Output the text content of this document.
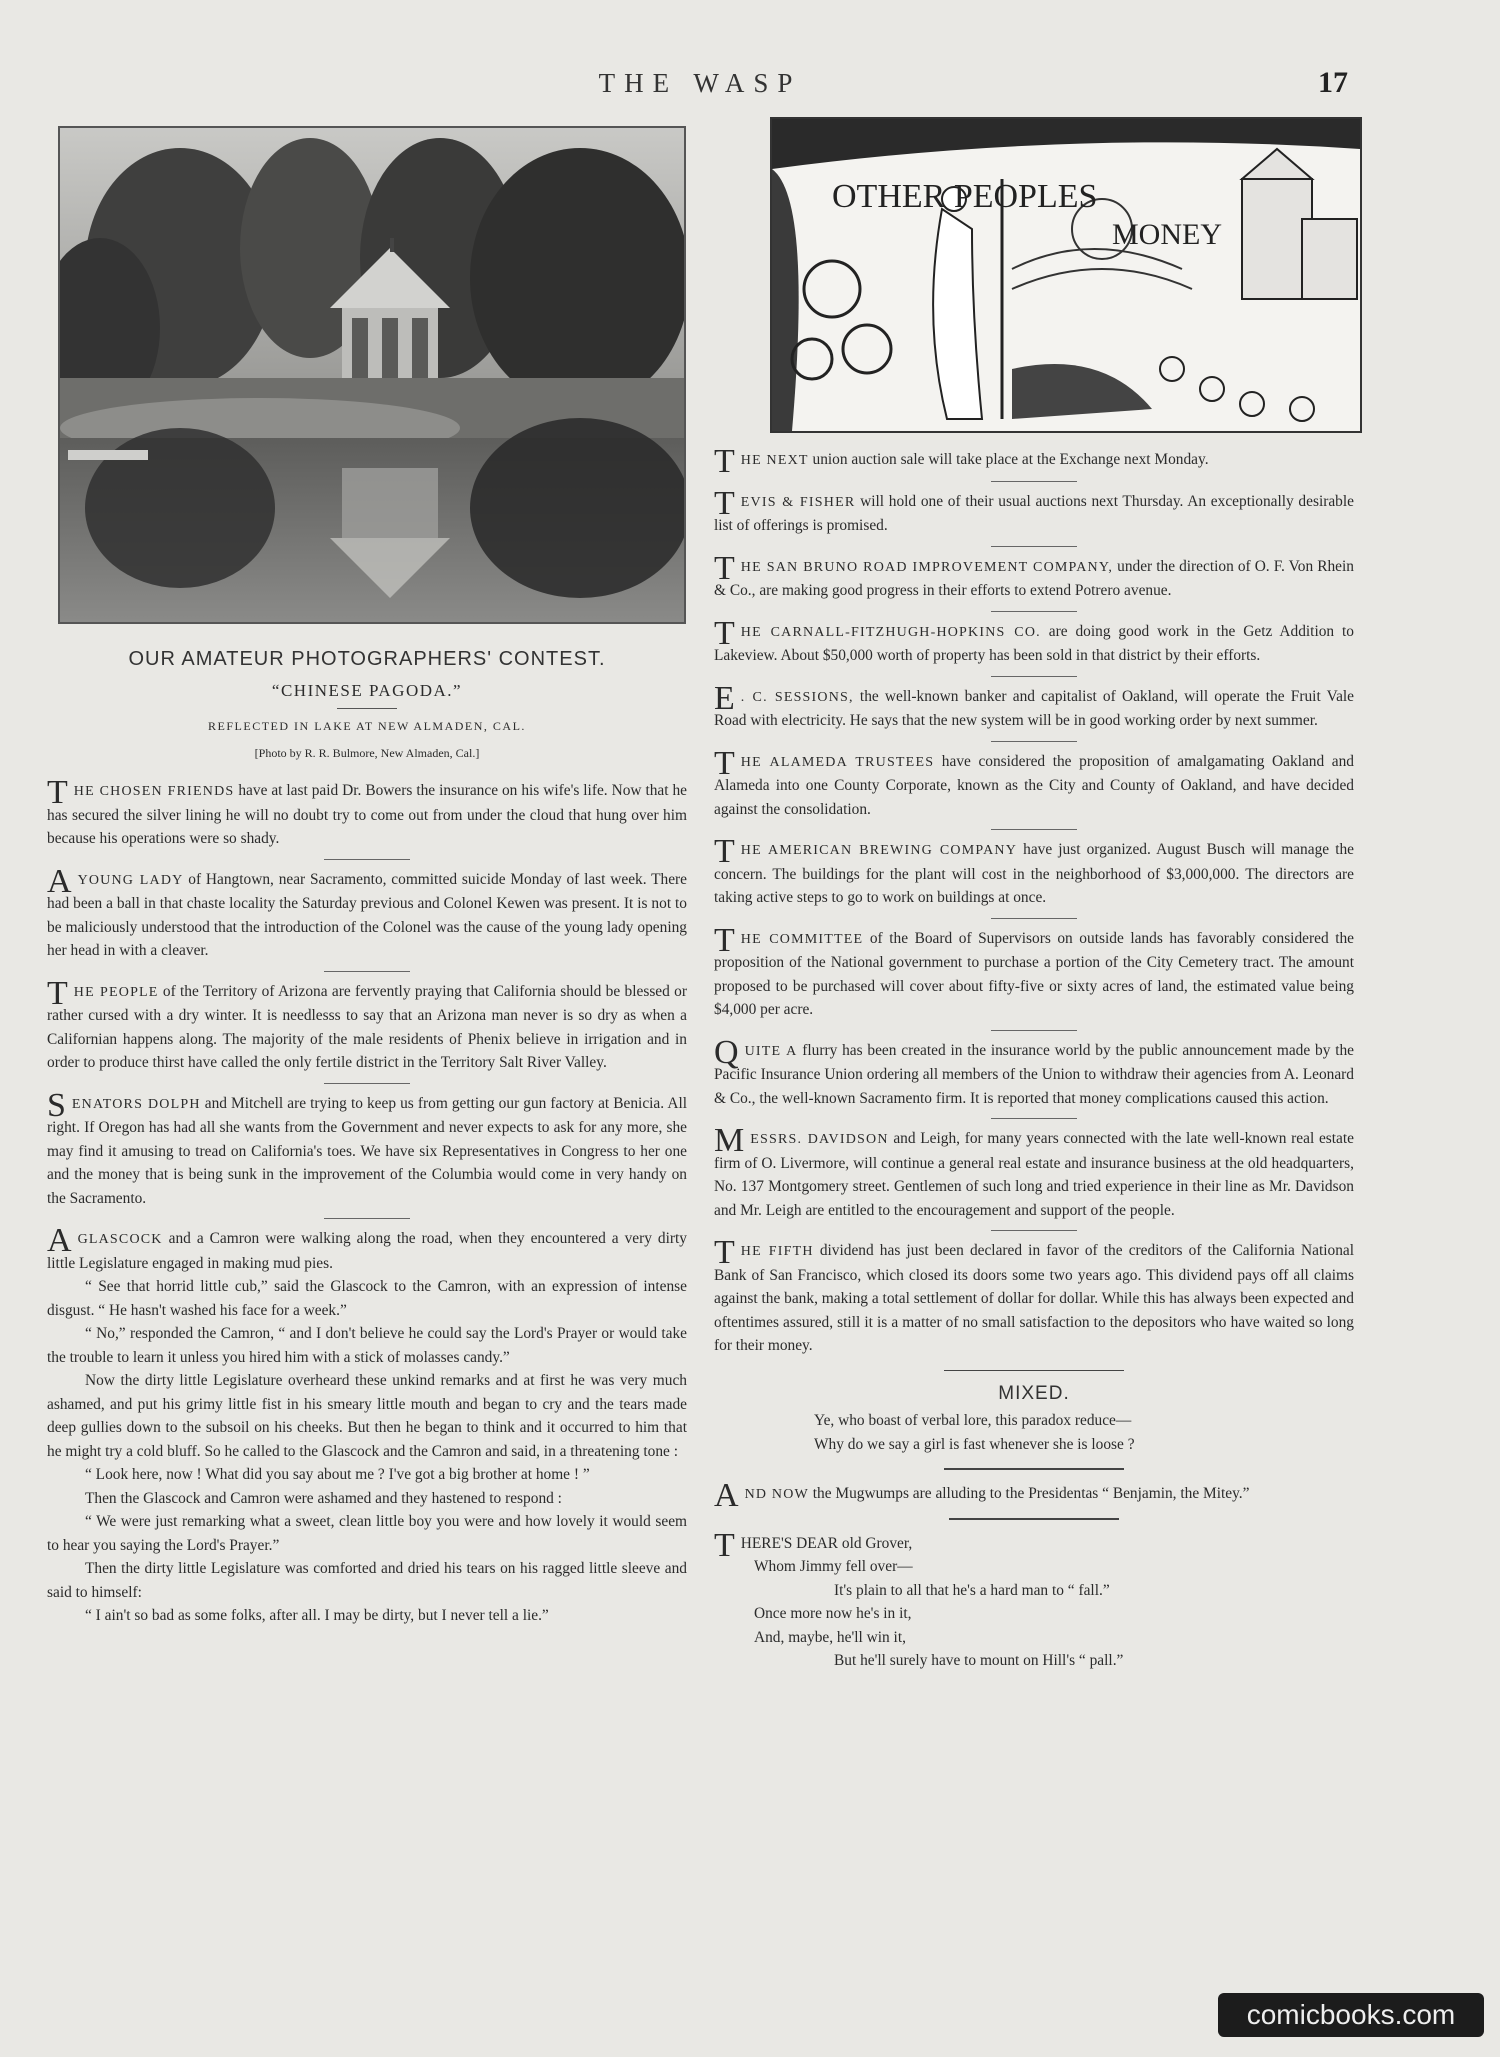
THE WASP	17
OTHER PEOPLES
MONEY
OUR AMATEUR PHOTOGRAPHERS' CONTEST.
“CHINESE PAGODA.”
REFLECTED IN LAKE AT NEW ALMADEN, CAL.
[Photo by R. R. Bulmore, New Almaden, Cal.]

THE CHOSEN FRIENDS have at last paid Dr. Bowers the insurance on his wife's life. Now that he has secured the silver lining he will no doubt try to come out from under the cloud that hung over him because his operations were so shady.

A YOUNG LADY of Hangtown, near Sacramento, committed suicide Monday of last week. There had been a ball in that chaste locality the Saturday previous and Colonel Kewen was present. It is not to be maliciously understood that the introduction of the Colonel was the cause of the young lady opening her head in with a cleaver.

THE PEOPLE of the Territory of Arizona are fervently praying that California should be blessed or rather cursed with a dry winter. It is needlesss to say that an Arizona man never is so dry as when a Californian happens along. The majority of the male residents of Phenix believe in irrigation and in order to produce thirst have called the only fertile district in the Territory Salt River Valley.

SENATORS DOLPH and Mitchell are trying to keep us from getting our gun factory at Benicia. All right. If Oregon has had all she wants from the Government and never expects to ask for any more, she may find it amusing to tread on California's toes. We have six Representatives in Congress to her one and the money that is being sunk in the improvement of the Columbia would come in very handy on the Sacramento.

A GLASCOCK and a Camron were walking along the road, when they encountered a very dirty little Legislature engaged in making mud pies.

“ See that horrid little cub,” said the Glascock to the Camron, with an expression of intense disgust. “ He hasn't washed his face for a week.”

“ No,” responded the Camron, “ and I don't believe he could say the Lord's Prayer or would take the trouble to learn it unless you hired him with a stick of molasses candy.”

Now the dirty little Legislature overheard these unkind remarks and at first he was very much ashamed, and put his grimy little fist in his smeary little mouth and began to cry and the tears made deep gullies down to the subsoil on his cheeks. But then he began to think and it occurred to him that he might try a cold bluff. So he called to the Glascock and the Camron and said, in a threatening tone :

“ Look here, now ! What did you say about me ? I've got a big brother at home ! ”

Then the Glascock and Camron were ashamed and they hastened to respond :

“ We were just remarking what a sweet, clean little boy you were and how lovely it would seem to hear you saying the Lord's Prayer.”

Then the dirty little Legislature was comforted and dried his tears on his ragged little sleeve and said to himself:

“ I ain't so bad as some folks, after all. I may be dirty, but I never tell a lie.”

THE NEXT union auction sale will take place at the Exchange next Monday.

TEVIS & FISHER will hold one of their usual auctions next Thursday. An exceptionally desirable list of offerings is promised.

THE SAN BRUNO ROAD IMPROVEMENT COMPANY, under the direction of O. F. Von Rhein & Co., are making good progress in their efforts to extend Potrero avenue.

THE CARNALL-FITZHUGH-HOPKINS CO. are doing good work in the Getz Addition to Lakeview. About $50,000 worth of property has been sold in that district by their efforts.

E . C. SESSIONS, the well-known banker and capitalist of Oakland, will operate the Fruit Vale Road with electricity. He says that the new system will be in good working order by next summer.

THE ALAMEDA TRUSTEES have considered the proposition of amalgamating Oakland and Alameda into one County Corporate, known as the City and County of Oakland, and have decided against the consolidation.

THE AMERICAN BREWING COMPANY have just organized. August Busch will manage the concern. The buildings for the plant will cost in the neighborhood of $3,000,000. The directors are taking active steps to go to work on buildings at once.

THE COMMITTEE of the Board of Supervisors on outside lands has favorably considered the proposition of the National government to purchase a portion of the City Cemetery tract. The amount proposed to be purchased will cover about fifty-five or sixty acres of land, the estimated value being $4,000 per acre.

QUITE A flurry has been created in the insurance world by the public announcement made by the Pacific Insurance Union ordering all members of the Union to withdraw their agencies from A. Leonard & Co., the well-known Sacramento firm. It is reported that money complications caused this action.

MESSRS. DAVIDSON and Leigh, for many years connected with the late well-known real estate firm of O. Livermore, will continue a general real estate and insurance business at the old headquarters, No. 137 Montgomery street. Gentlemen of such long and tried experience in their line as Mr. Davidson and Mr. Leigh are entitled to the encouragement and support of the people.

THE FIFTH dividend has just been declared in favor of the creditors of the California National Bank of San Francisco, which closed its doors some two years ago. This dividend pays off all claims against the bank, making a total settlement of dollar for dollar. While this has always been expected and oftentimes assured, still it is a matter of no small satisfaction to the depositors who have waited so long for their money.

MIXED.
Ye, who boast of verbal lore, this paradox reduce—
Why do we say a girl is fast whenever she is loose ?

AND NOW the Mugwumps are alluding to the Presidentas “ Benjamin, the Mitey.”

THERE'S DEAR old Grover,
Whom Jimmy fell over—
It's plain to all that he's a hard man to “ fall.”
Once more now he's in it,
And, maybe, he'll win it,
But he'll surely have to mount on Hill's “ pall.”
comicbooks.com
